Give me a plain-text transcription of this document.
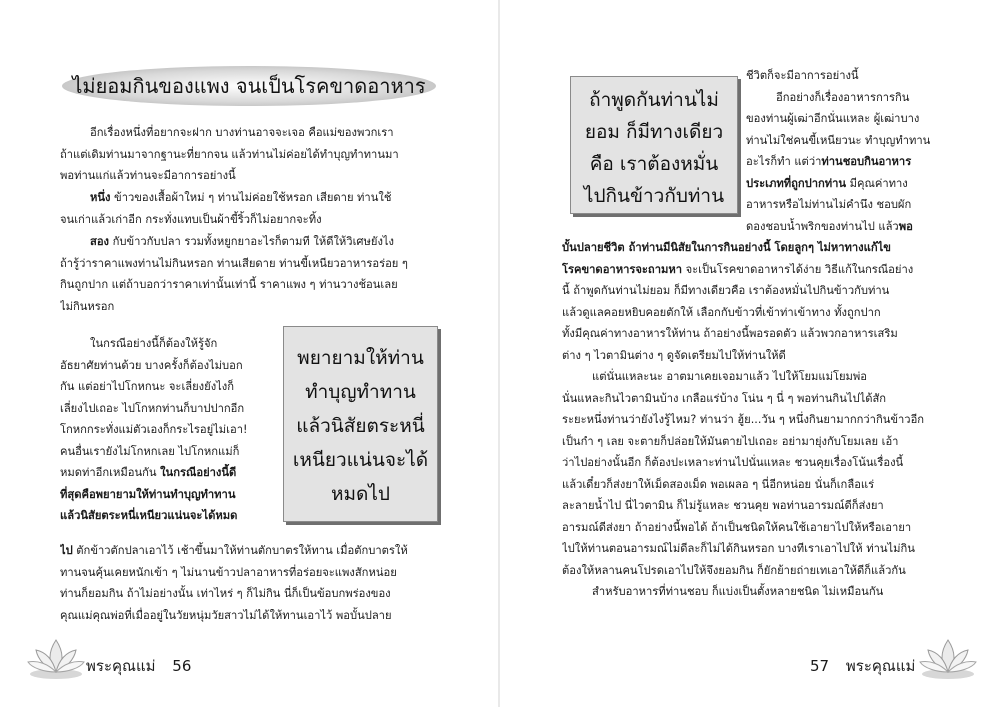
ไม่ยอมกินของแพง จนเป็นโรคขาดอาหาร
อีกเรื่องหนึ่งที่อยากจะฝาก บางท่านอาจจะเจอ คือแม่ของพวกเรา
ถ้าแต่เดิมท่านมาจากฐานะที่ยากจน แล้วท่านไม่ค่อยได้ทำบุญทำทานมา
พอท่านแก่แล้วท่านจะมีอาการอย่างนี้
หนึ่ง ข้าวของเสื้อผ้าใหม่ ๆ ท่านไม่ค่อยใช้หรอก เสียดาย ท่านใช้
จนเก่าแล้วเก่าอีก กระทั่งแทบเป็นผ้าขี้ริ้วก็ไม่อยากจะทิ้ง
สอง กับข้าวกับปลา รวมทั้งหยูกยาอะไรก็ตามที ให้ดีให้วิเศษยังไง
ถ้ารู้ว่าราคาแพงท่านไม่กินหรอก ท่านเสียดาย ท่านขี้เหนียวอาหารอร่อย ๆ
กินถูกปาก แต่ถ้าบอกว่าราคาเท่านั้นเท่านี้ ราคาแพง ๆ ท่านวางช้อนเลย
ไม่กินหรอก
ในกรณีอย่างนี้ก็ต้องให้รู้จัก
อัธยาศัยท่านด้วย บางครั้งก็ต้องไม่บอก
กัน แต่อย่าไปโกหกนะ จะเลี่ยงยังไงก็
เลี่ยงไปเถอะ ไปโกหกท่านก็บาปปากอีก
โกหกกระทั่งแม่ตัวเองก็กระไรอยู่ไม่เอา!
คนอื่นเรายังไม่โกหกเลย ไปโกหกแม่ก็
หมดท่าอีกเหมือนกัน ในกรณีอย่างนี้ดี
ที่สุดคือพยายามให้ท่านทำบุญทำทาน
แล้วนิสัยตระหนี่เหนียวแน่นจะได้หมด
พยายามให้ท่าน
ทำบุญทำทาน
แล้วนิสัยตระหนี่
เหนียวแน่นจะได้
หมดไป
ไป ตักข้าวตักปลาเอาไว้ เช้าขึ้นมาให้ท่านตักบาตรให้ทาน เมื่อตักบาตรให้
ทานจนคุ้นเคยหนักเข้า ๆ ไม่นานข้าวปลาอาหารที่อร่อยจะแพงสักหน่อย
ท่านก็ยอมกิน ถ้าไม่อย่างนั้น เท่าไหร่ ๆ ก็ไม่กิน นี่ก็เป็นข้อบกพร่องของ
คุณแม่คุณพ่อที่เมื่ออยู่ในวัยหนุ่มวัยสาวไม่ได้ให้ทานเอาไว้ พอบั้นปลาย
พระคุณแม่ 56
ถ้าพูดกันท่านไม่
ยอม ก็มีทางเดียว
คือ เราต้องหมั่น
ไปกินข้าวกับท่าน
ชีวิตก็จะมีอาการอย่างนี้
อีกอย่างก็เรื่องอาหารการกิน
ของท่านผู้เฒ่าอีกนั่นแหละ ผู้เฒ่าบาง
ท่านไม่ใช่คนขี้เหนียวนะ ทำบุญทำทาน
อะไรก็ทำ แต่ว่าท่านชอบกินอาหาร
ประเภทที่ถูกปากท่าน มีคุณค่าทาง
อาหารหรือไม่ท่านไม่คำนึง ชอบผัก
ดองชอบน้ำพริกของท่านไป แล้วพอ
บั้นปลายชีวิต ถ้าท่านมีนิสัยในการกินอย่างนี้ โดยลูกๆ ไม่หาทางแก้ไข
โรคขาดอาหารจะถามหา จะเป็นโรคขาดอาหารได้ง่าย วิธีแก้ในกรณีอย่าง
นี้ ถ้าพูดกันท่านไม่ยอม ก็มีทางเดียวคือ เราต้องหมั่นไปกินข้าวกับท่าน
แล้วดูแลคอยหยิบคอยตักให้ เลือกกับข้าวที่เข้าท่าเข้าทาง ทั้งถูกปาก
ทั้งมีคุณค่าทางอาหารให้ท่าน ถ้าอย่างนี้พอรอดตัว แล้วพวกอาหารเสริม
ต่าง ๆ ไวตามินต่าง ๆ ดูจัดเตรียมไปให้ท่านให้ดี
แต่นั่นแหละนะ อาตมาเคยเจอมาแล้ว ไปให้โยมแม่โยมพ่อ
นั่นแหละกินไวตามินบ้าง เกลือแร่บ้าง โน่น ๆ นี่ ๆ พอท่านกินไปได้สัก
ระยะหนึ่งท่านว่ายังไงรู้ไหม? ท่านว่า ฮู้ย...วัน ๆ หนึ่งกินยามากกว่ากินข้าวอีก
เป็นกำ ๆ เลย จะตายก็ปล่อยให้มันตายไปเถอะ อย่ามายุ่งกับโยมเลย เอ้า
ว่าไปอย่างนั้นอีก ก็ต้องปะเหลาะท่านไปนั่นแหละ ชวนคุยเรื่องโน้นเรื่องนี้
แล้วเดี๋ยวก็ส่งยาให้เม็ดสองเม็ด พอเผลอ ๆ นี่อีกหน่อย นั่นก็เกลือแร่
ละลายน้ำไป นี่ไวตามิน ก็ไม่รู้แหละ ชวนคุย พอท่านอารมณ์ดีก็ส่งยา
อารมณ์ดีส่งยา ถ้าอย่างนี้พอได้ ถ้าเป็นชนิดให้คนใช้เอายาไปให้หรือเอายา
ไปให้ท่านตอนอารมณ์ไม่ดีละก็ไม่ได้กินหรอก บางทีเราเอาไปให้ ท่านไม่กิน
ต้องให้หลานคนโปรดเอาไปให้จึงยอมกิน ก็ยักย้ายถ่ายเทเอาให้ดีก็แล้วกัน
สำหรับอาหารที่ท่านชอบ ก็แบ่งเป็นตั้งหลายชนิด ไม่เหมือนกัน
57 พระคุณแม่
